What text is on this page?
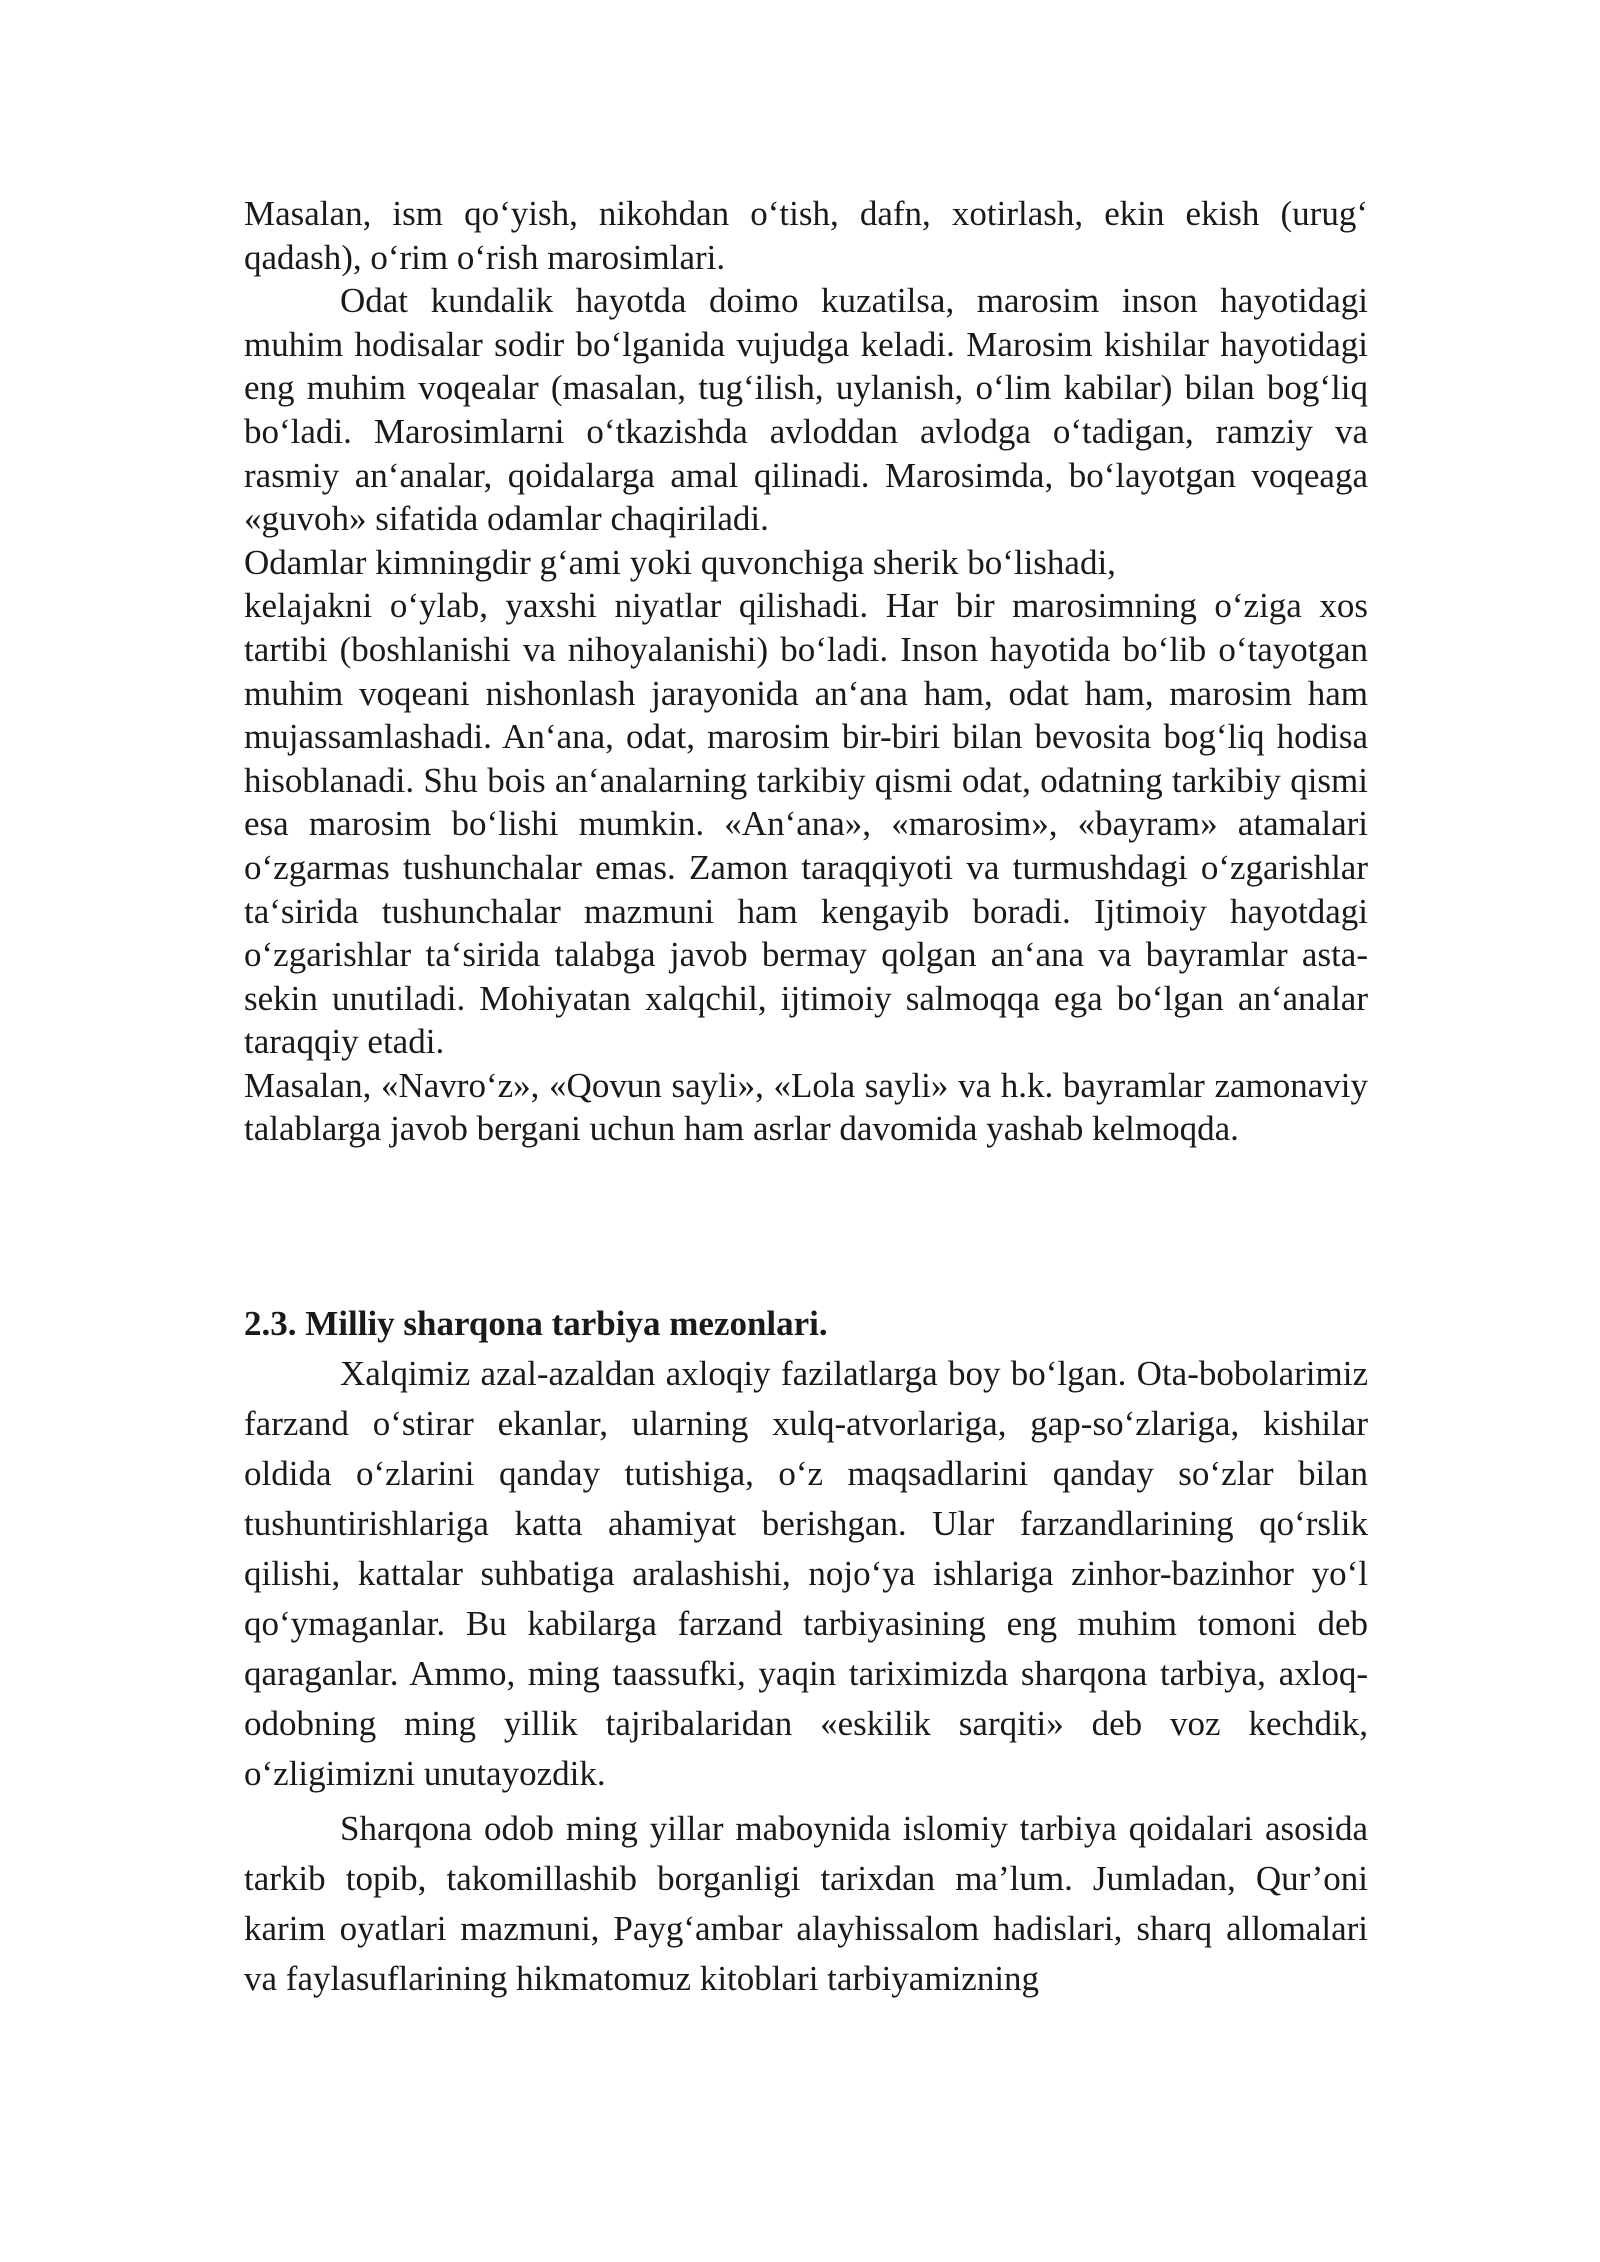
Masalan, ism qo‘yish, nikohdan o‘tish, dafn, xotirlash, ekin ekish (urug‘ qadash), o‘rim o‘rish marosimlari.

Odat kundalik hayotda doimo kuzatilsa, marosim inson hayotidagi muhim hodisalar sodir bo‘lganida vujudga keladi. Marosim kishilar hayotidagi eng muhim voqealar (masalan, tug‘ilish, uylanish, o‘lim kabilar) bilan bog‘liq bo‘ladi. Marosimlarni o‘tkazishda avloddan avlodga o‘tadigan, ramziy va rasmiy an‘analar, qoidalarga amal qilinadi. Marosimda, bo‘layotgan voqeaga «guvoh» sifatida odamlar chaqiriladi.

Odamlar kimningdir g‘ami yoki quvonchiga sherik bo‘lishadi,

kelajakni o‘ylab, yaxshi niyatlar qilishadi. Har bir marosimning o‘ziga xos tartibi (boshlanishi va nihoyalanishi) bo‘ladi. Inson hayotida bo‘lib o‘tayotgan muhim voqeani nishonlash jarayonida an‘ana ham, odat ham, marosim ham mujassamlashadi. An‘ana, odat, marosim bir-biri bilan bevosita bog‘liq hodisa hisoblanadi. Shu bois an‘analarning tarkibiy qismi odat, odatning tarkibiy qismi esa marosim bo‘lishi mumkin. «An‘ana», «marosim», «bayram» atamalari o‘zgarmas tushunchalar emas. Zamon taraqqiyoti va turmushdagi o‘zgarishlar ta‘sirida tushunchalar mazmuni ham kengayib boradi. Ijtimoiy hayotdagi o‘zgarishlar ta‘sirida talabga javob bermay qolgan an‘ana va bayramlar asta-sekin unutiladi. Mohiyatan xalqchil, ijtimoiy salmoqqa ega bo‘lgan an‘analar taraqqiy etadi.

Masalan, «Navro‘z», «Qovun sayli», «Lola sayli» va h.k. bayramlar zamonaviy talablarga javob bergani uchun ham asrlar davomida yashab kelmoqda.

2.3. Milliy sharqona tarbiya mezonlari.

Xalqimiz azal-azaldan axloqiy fazilatlarga boy bo‘lgan. Ota-bobolarimiz farzand o‘stirar ekanlar, ularning xulq-atvorlariga, gap-so‘zlariga, kishilar oldida o‘zlarini qanday tutishiga, o‘z maqsadlarini qanday so‘zlar bilan tushuntirishlariga katta ahamiyat berishgan. Ular farzandlarining qo‘rslik qilishi, kattalar suhbatiga aralashishi, nojo‘ya ishlariga zinhor-bazinhor yo‘l qo‘ymaganlar. Bu kabilarga farzand tarbiyasining eng muhim tomoni deb qaraganlar. Ammo, ming taassufki, yaqin tariximizda sharqona tarbiya, axloq-odobning ming yillik tajribalaridan «eskilik sarqiti» deb voz kechdik, o‘zligimizni unutayozdik.

Sharqona odob ming yillar maboynida islomiy tarbiya qoidalari asosida tarkib topib, takomillashib borganligi tarixdan ma’lum. Jumladan, Qur’oni karim oyatlari mazmuni, Payg‘ambar alayhissalom hadislari, sharq allomalari va faylasuflarining hikmatomuz kitoblari tarbiyamizning
